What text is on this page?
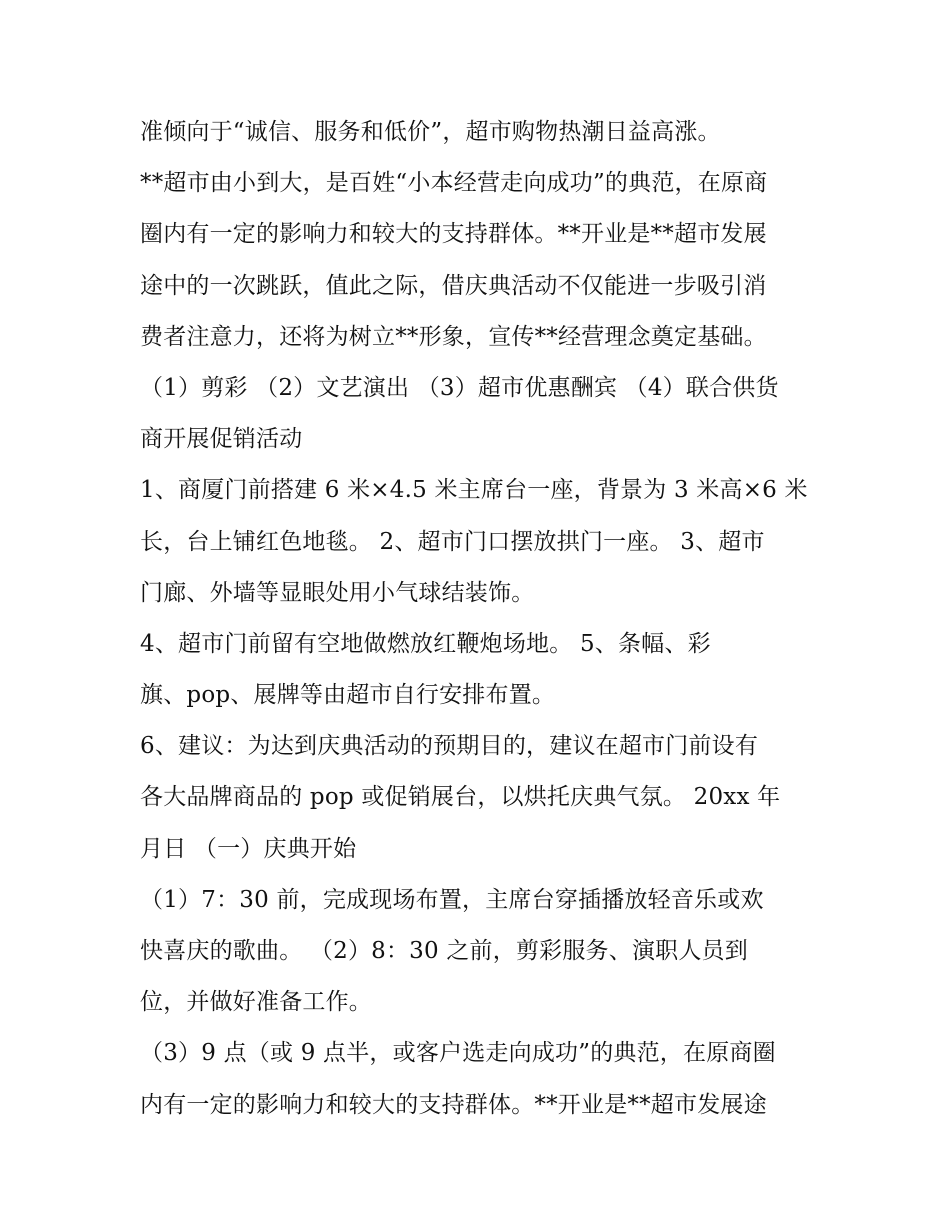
准倾向于“诚信、服务和低价”，超市购物热潮日益高涨。
**超市由小到大，是百姓“小本经营走向成功”的典范，在原商
圈内有一定的影响力和较大的支持群体。**开业是**超市发展
途中的一次跳跃，值此之际，借庆典活动不仅能进一步吸引消
费者注意力，还将为树立**形象，宣传**经营理念奠定基础。
（1）剪彩 （2）文艺演出 （3）超市优惠酬宾 （4）联合供货
商开展促销活动
1、商厦门前搭建 6 米×4.5 米主席台一座，背景为 3 米高×6 米
长，台上铺红色地毯。 2、超市门口摆放拱门一座。 3、超市
门廊、外墙等显眼处用小气球结装饰。
4、超市门前留有空地做燃放红鞭炮场地。 5、条幅、彩
旗、pop、展牌等由超市自行安排布置。
6、建议：为达到庆典活动的预期目的，建议在超市门前设有
各大品牌商品的 pop 或促销展台，以烘托庆典气氛。 20xx 年
月日 （一）庆典开始
（1）7：30 前，完成现场布置，主席台穿插播放轻音乐或欢
快喜庆的歌曲。 （2）8：30 之前，剪彩服务、演职人员到
位，并做好准备工作。
（3）9 点（或 9 点半，或客户选走向成功”的典范，在原商圈
内有一定的影响力和较大的支持群体。**开业是**超市发展途
